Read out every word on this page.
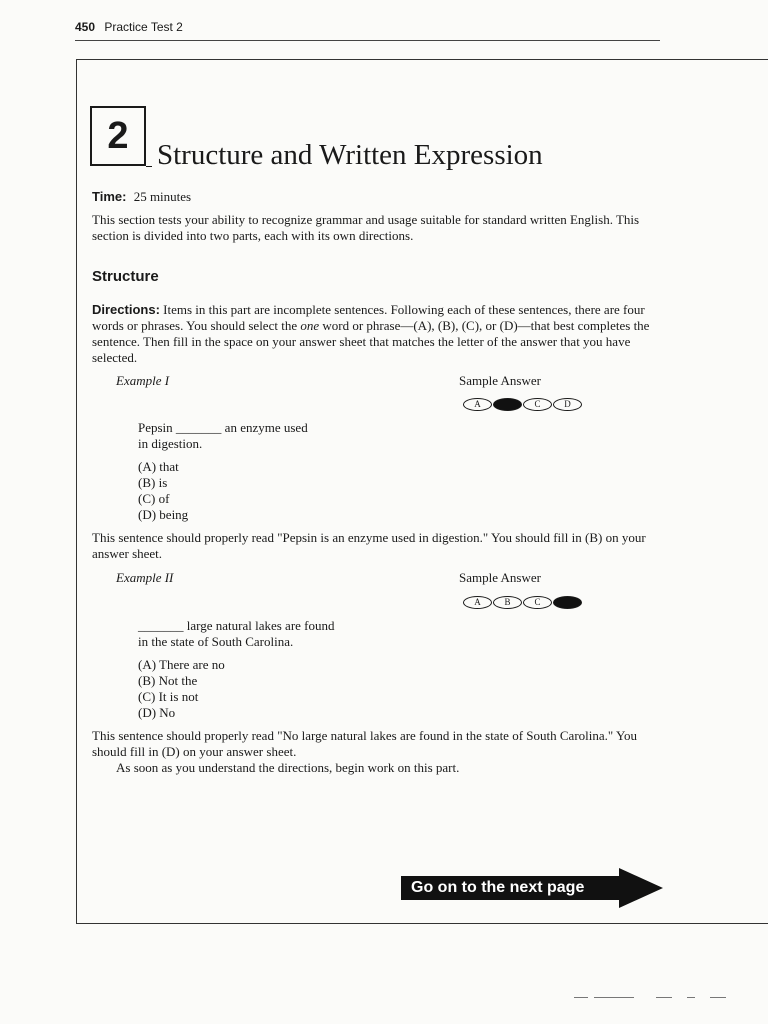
450 Practice Test 2
2 Structure and Written Expression
Time: 25 minutes
This section tests your ability to recognize grammar and usage suitable for standard written English. This section is divided into two parts, each with its own directions.
Structure
Directions: Items in this part are incomplete sentences. Following each of these sentences, there are four words or phrases. You should select the one word or phrase—(A), (B), (C), or (D)—that best completes the sentence. Then fill in the space on your answer sheet that matches the letter of the answer that you have selected.
Example I	Sample Answer
A	C	D
Pepsin _______ an enzyme used
in digestion.
(A) that
(B) is
(C) of
(D) being
This sentence should properly read "Pepsin is an enzyme used in digestion." You should fill in (B) on your answer sheet.
Example II	Sample Answer
A	B	C
_______ large natural lakes are found
in the state of South Carolina.
(A) There are no
(B) Not the
(C) It is not
(D) No
This sentence should properly read "No large natural lakes are found in the state of South Carolina." You should fill in (D) on your answer sheet.
As soon as you understand the directions, begin work on this part.
Go on to the next page
